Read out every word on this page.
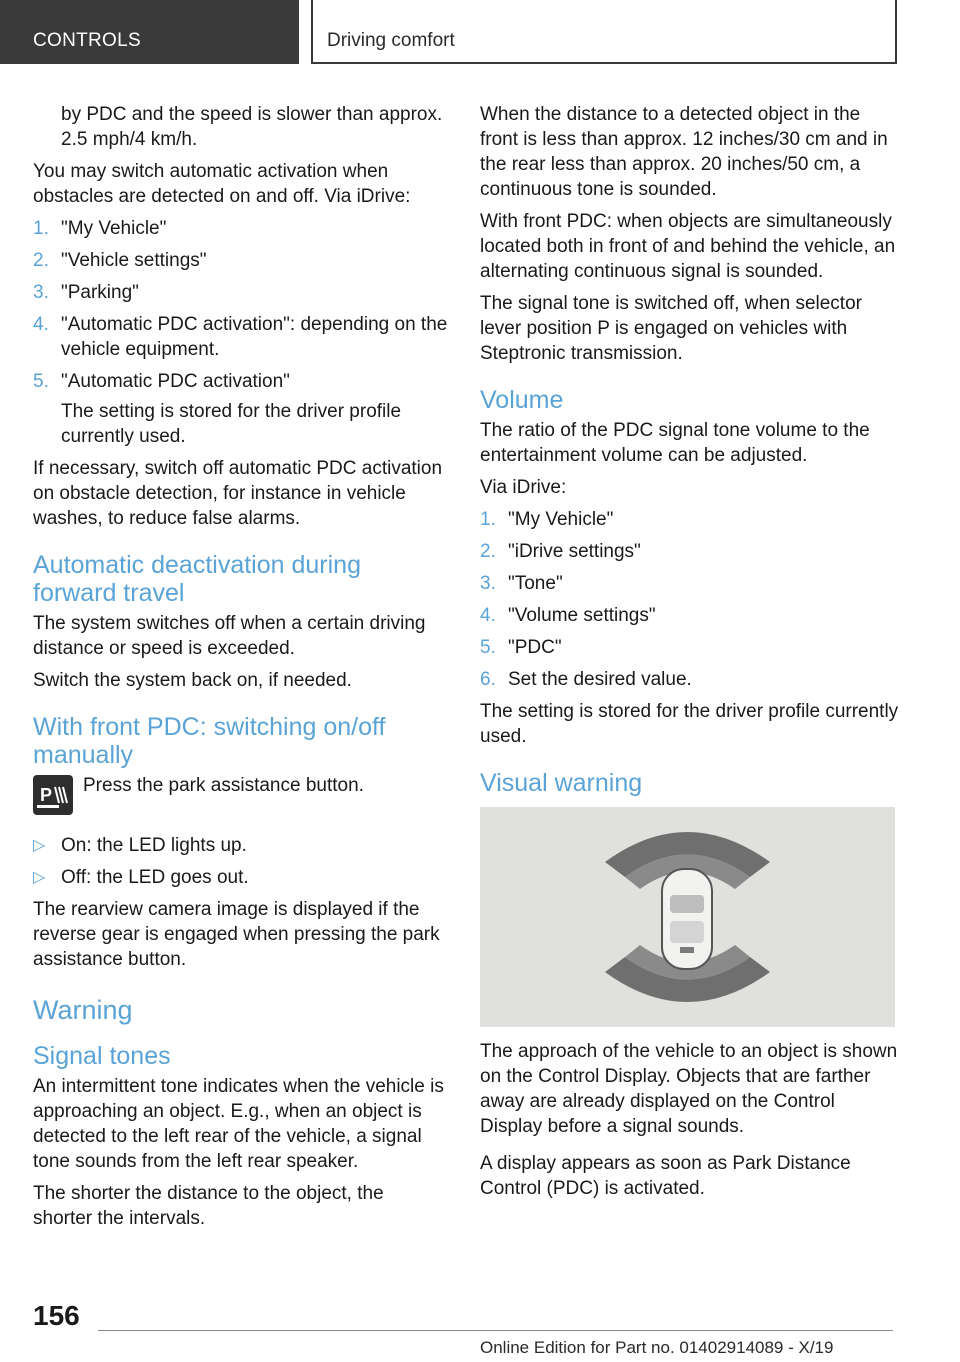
CONTROLS	Driving comfort

by PDC and the speed is slower than approx. 2.5 mph/4 km/h.

You may switch automatic activation when obstacles are detected on and off. Via iDrive:

1. "My Vehicle"
2. "Vehicle settings"
3. "Parking"
4. "Automatic PDC activation": depending on the vehicle equipment.
5. "Automatic PDC activation"
The setting is stored for the driver profile currently used.

If necessary, switch off automatic PDC activation on obstacle detection, for instance in vehicle washes, to reduce false alarms.

Automatic deactivation during forward travel

The system switches off when a certain driving distance or speed is exceeded.

Switch the system back on, if needed.

With front PDC: switching on/off manually
P Press the park assistance button.
▷ On: the LED lights up.
▷ Off: the LED goes out.

The rearview camera image is displayed if the reverse gear is engaged when pressing the park assistance button.

Warning
Signal tones

An intermittent tone indicates when the vehicle is approaching an object. E.g., when an object is detected to the left rear of the vehicle, a signal tone sounds from the left rear speaker.

The shorter the distance to the object, the shorter the intervals.

When the distance to a detected object in the front is less than approx. 12 inches/30 cm and in the rear less than approx. 20 inches/50 cm, a continuous tone is sounded.

With front PDC: when objects are simultaneously located both in front of and behind the vehicle, an alternating continuous signal is sounded.

The signal tone is switched off, when selector lever position P is engaged on vehicles with Steptronic transmission.

Volume

The ratio of the PDC signal tone volume to the entertainment volume can be adjusted.

Via iDrive:

1. "My Vehicle"
2. "iDrive settings"
3. "Tone"
4. "Volume settings"
5. "PDC"
6. Set the desired value.

The setting is stored for the driver profile currently used.

Visual warning

The approach of the vehicle to an object is shown on the Control Display. Objects that are farther away are already displayed on the Control Display before a signal sounds.

A display appears as soon as Park Distance Control (PDC) is activated.

156
Online Edition for Part no. 01402914089 - X/19
